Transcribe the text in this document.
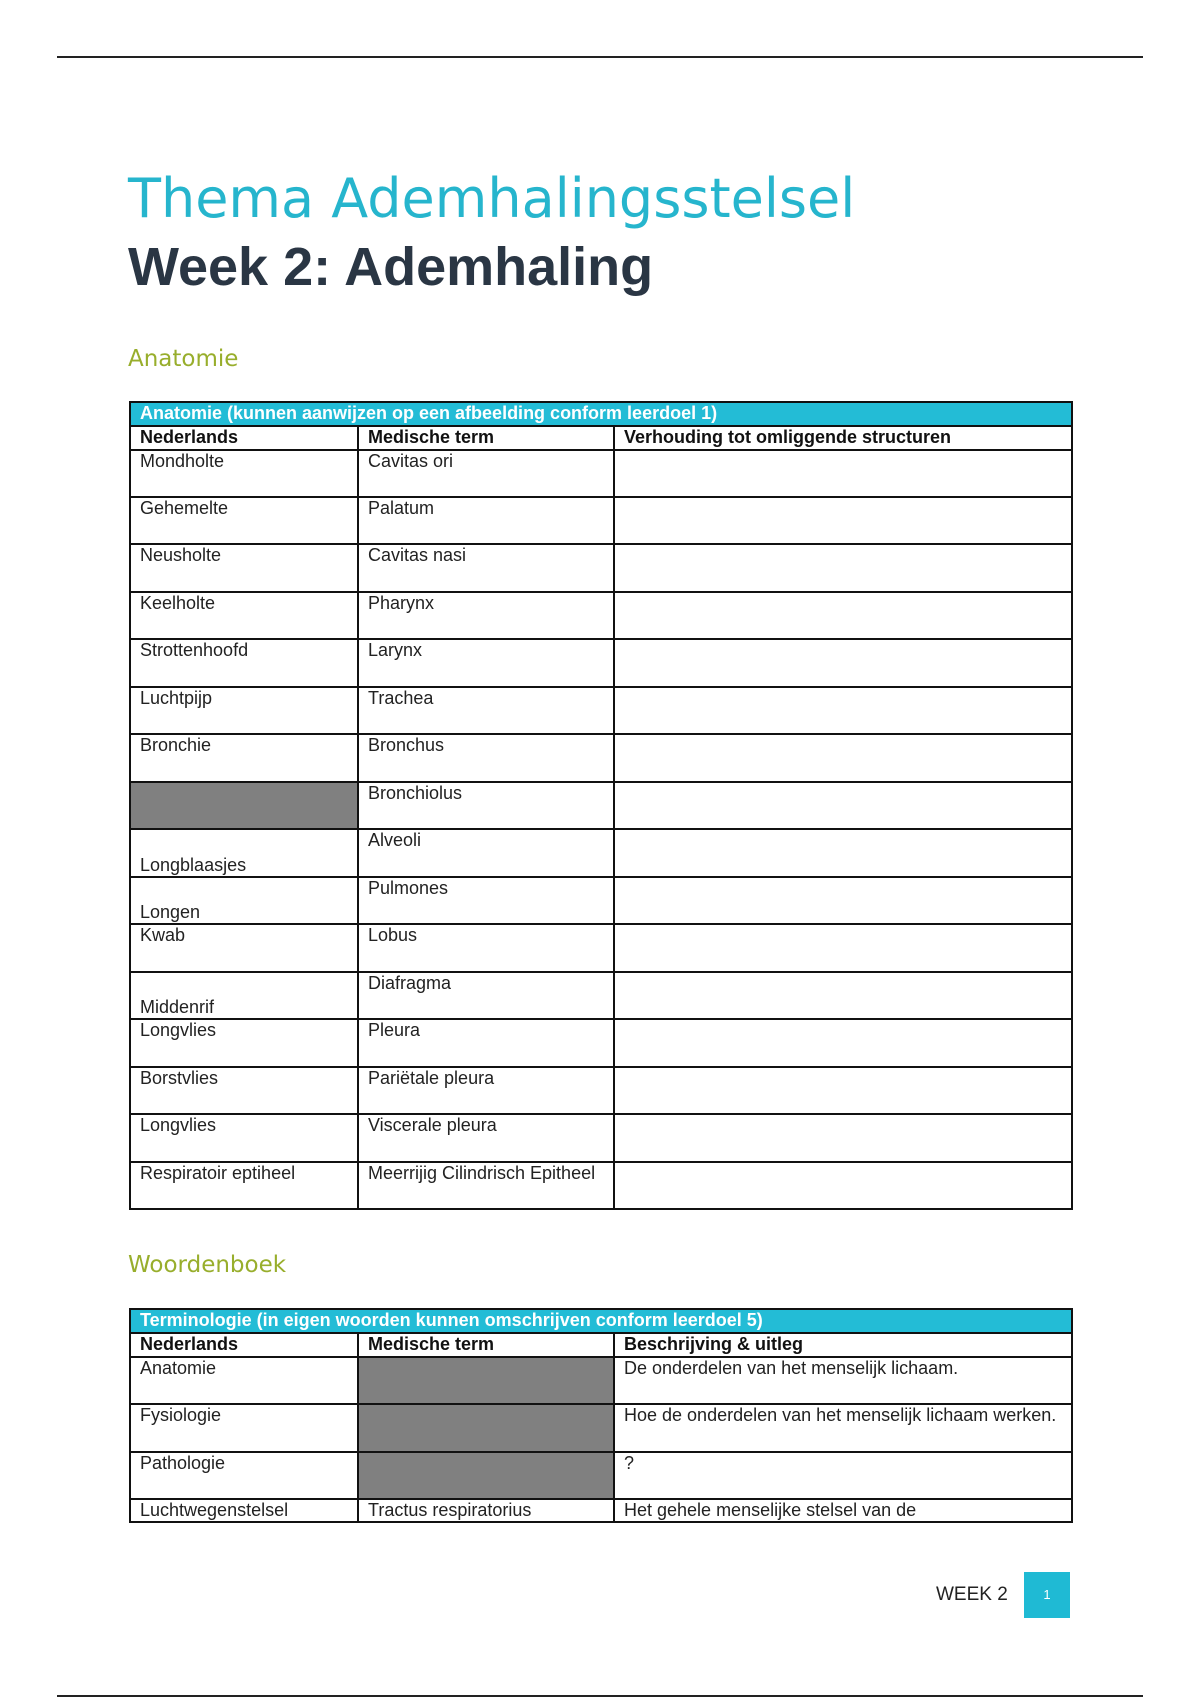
Thema Ademhalingsstelsel
Week 2: Ademhaling
Anatomie
Anatomie (kunnen aanwijzen op een afbeelding conform leerdoel 1)		
Nederlands	Medische term	Verhouding tot omliggende structuren
Mondholte	Cavitas ori	
Gehemelte	Palatum	
Neusholte	Cavitas nasi	
Keelholte	Pharynx	
Strottenhoofd	Larynx	
Luchtpijp	Trachea	
Bronchie	Bronchus	
	Bronchiolus	
Longblaasjes	Alveoli	
Longen	Pulmones	
Kwab	Lobus	
Middenrif	Diafragma	
Longvlies	Pleura	
Borstvlies	Pariëtale pleura	
Longvlies	Viscerale pleura	
Respiratoir eptiheel	Meerrijig Cilindrisch Epitheel	
Woordenboek
Terminologie (in eigen woorden kunnen omschrijven conform leerdoel 5)		
Nederlands	Medische term	Beschrijving & uitleg
Anatomie		De onderdelen van het menselijk lichaam.
Fysiologie		Hoe de onderdelen van het menselijk lichaam werken.
Pathologie		?
Luchtwegenstelsel	Tractus respiratorius	Het gehele menselijke stelsel van de
WEEK 2	1
